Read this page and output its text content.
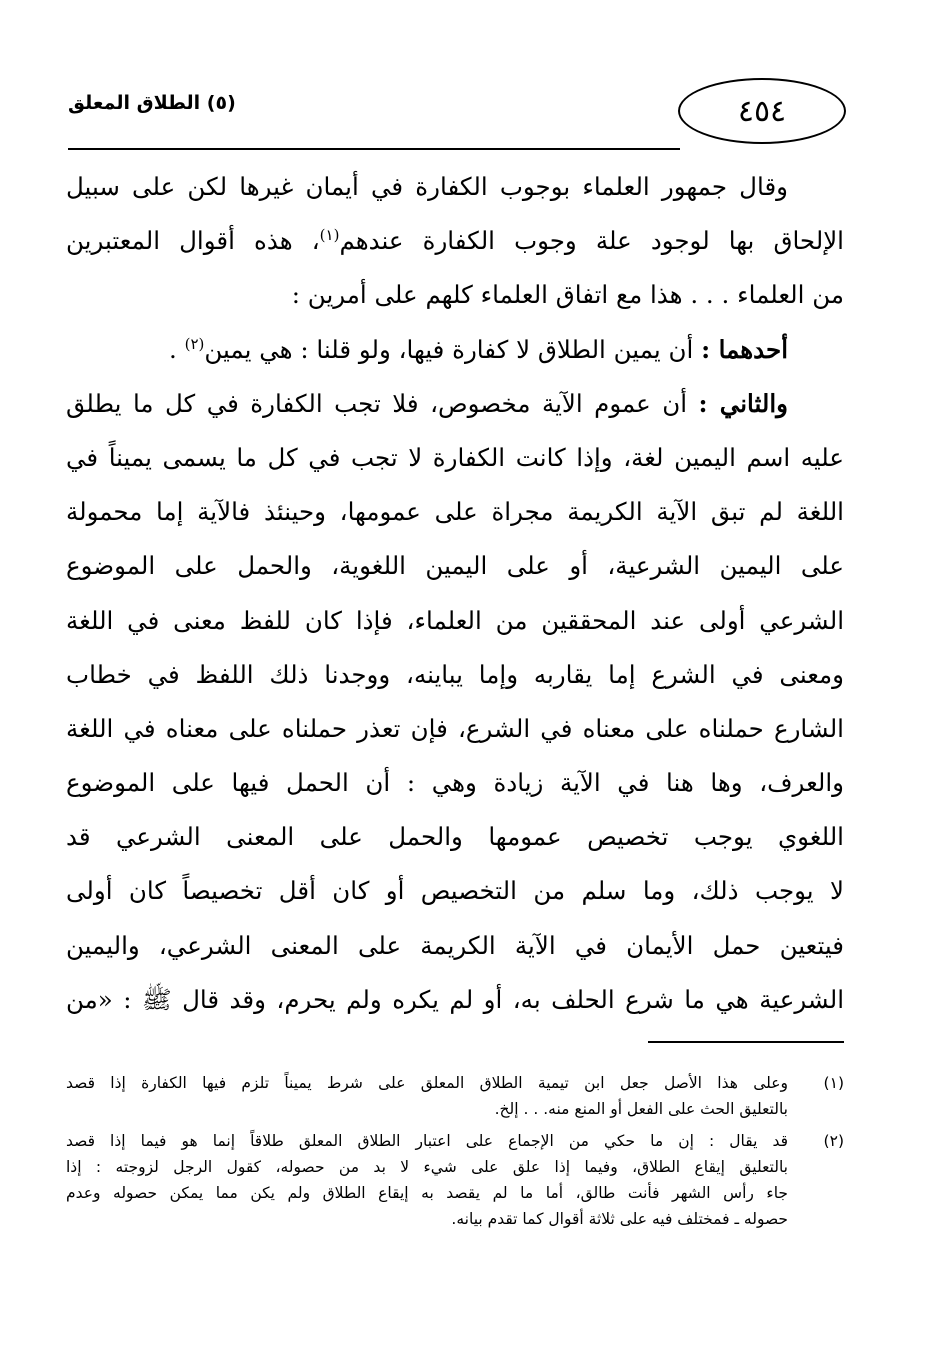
(٥) الطلاق المعلق	٤٥٤
وقال جمهور العلماء بوجوب الكفارة في أيمان غيرها لكن على سبيل
الإلحاق بها لوجود علة وجوب الكفارة عندهم$^{(١)}$، هذه أقوال المعتبرين
من العلماء . . . هذا مع اتفاق العلماء كلهم على أمرين :
أحدهما : أن يمين الطلاق لا كفارة فيها، ولو قلنا : هي يمين$^{(٢)}$ .
والثاني : أن عموم الآية مخصوص، فلا تجب الكفارة في كل ما يطلق
عليه اسم اليمين لغة، وإذا كانت الكفارة لا تجب في كل ما يسمى يميناً في
اللغة لم تبق الآية الكريمة مجراة على عمومها، وحينئذ فالآية إما محمولة
على اليمين الشرعية، أو على اليمين اللغوية، والحمل على الموضوع
الشرعي أولى عند المحققين من العلماء، فإذا كان للفظ معنى في اللغة
ومعنى في الشرع إما يقاربه وإما يباينه، ووجدنا ذلك اللفظ في خطاب
الشارع حملناه على معناه في الشرع، فإن تعذر حملناه على معناه في اللغة
والعرف، وها هنا في الآية زيادة وهي : أن الحمل فيها على الموضوع
اللغوي يوجب تخصيص عمومها والحمل على المعنى الشرعي قد
لا يوجب ذلك، وما سلم من التخصيص أو كان أقل تخصيصاً كان أولى
فيتعين حمل الأيمان في الآية الكريمة على المعنى الشرعي، واليمين
الشرعية هي ما شرع الحلف به، أو لم يكره ولم يحرم، وقد قال ﷺ : «من
(١)
وعلى هذا الأصل جعل ابن تيمية الطلاق المعلق على شرط يميناً تلزم فيها الكفارة إذا قصد
بالتعليق الحث على الفعل أو المنع منه. . . إلخ.
(٢)
قد يقال : إن ما حكي من الإجماع على اعتبار الطلاق المعلق طلاقاً إنما هو فيما إذا قصد
بالتعليق إيقاع الطلاق، وفيما إذا علق على شيء لا بد من حصوله، كقول الرجل لزوجته : إذا
جاء رأس الشهر فأنت طالق، أما ما لم يقصد به إيقاع الطلاق ولم يكن مما يمكن حصوله وعدم
حصوله ـ فمختلف فيه على ثلاثة أقوال كما تقدم بيانه.
